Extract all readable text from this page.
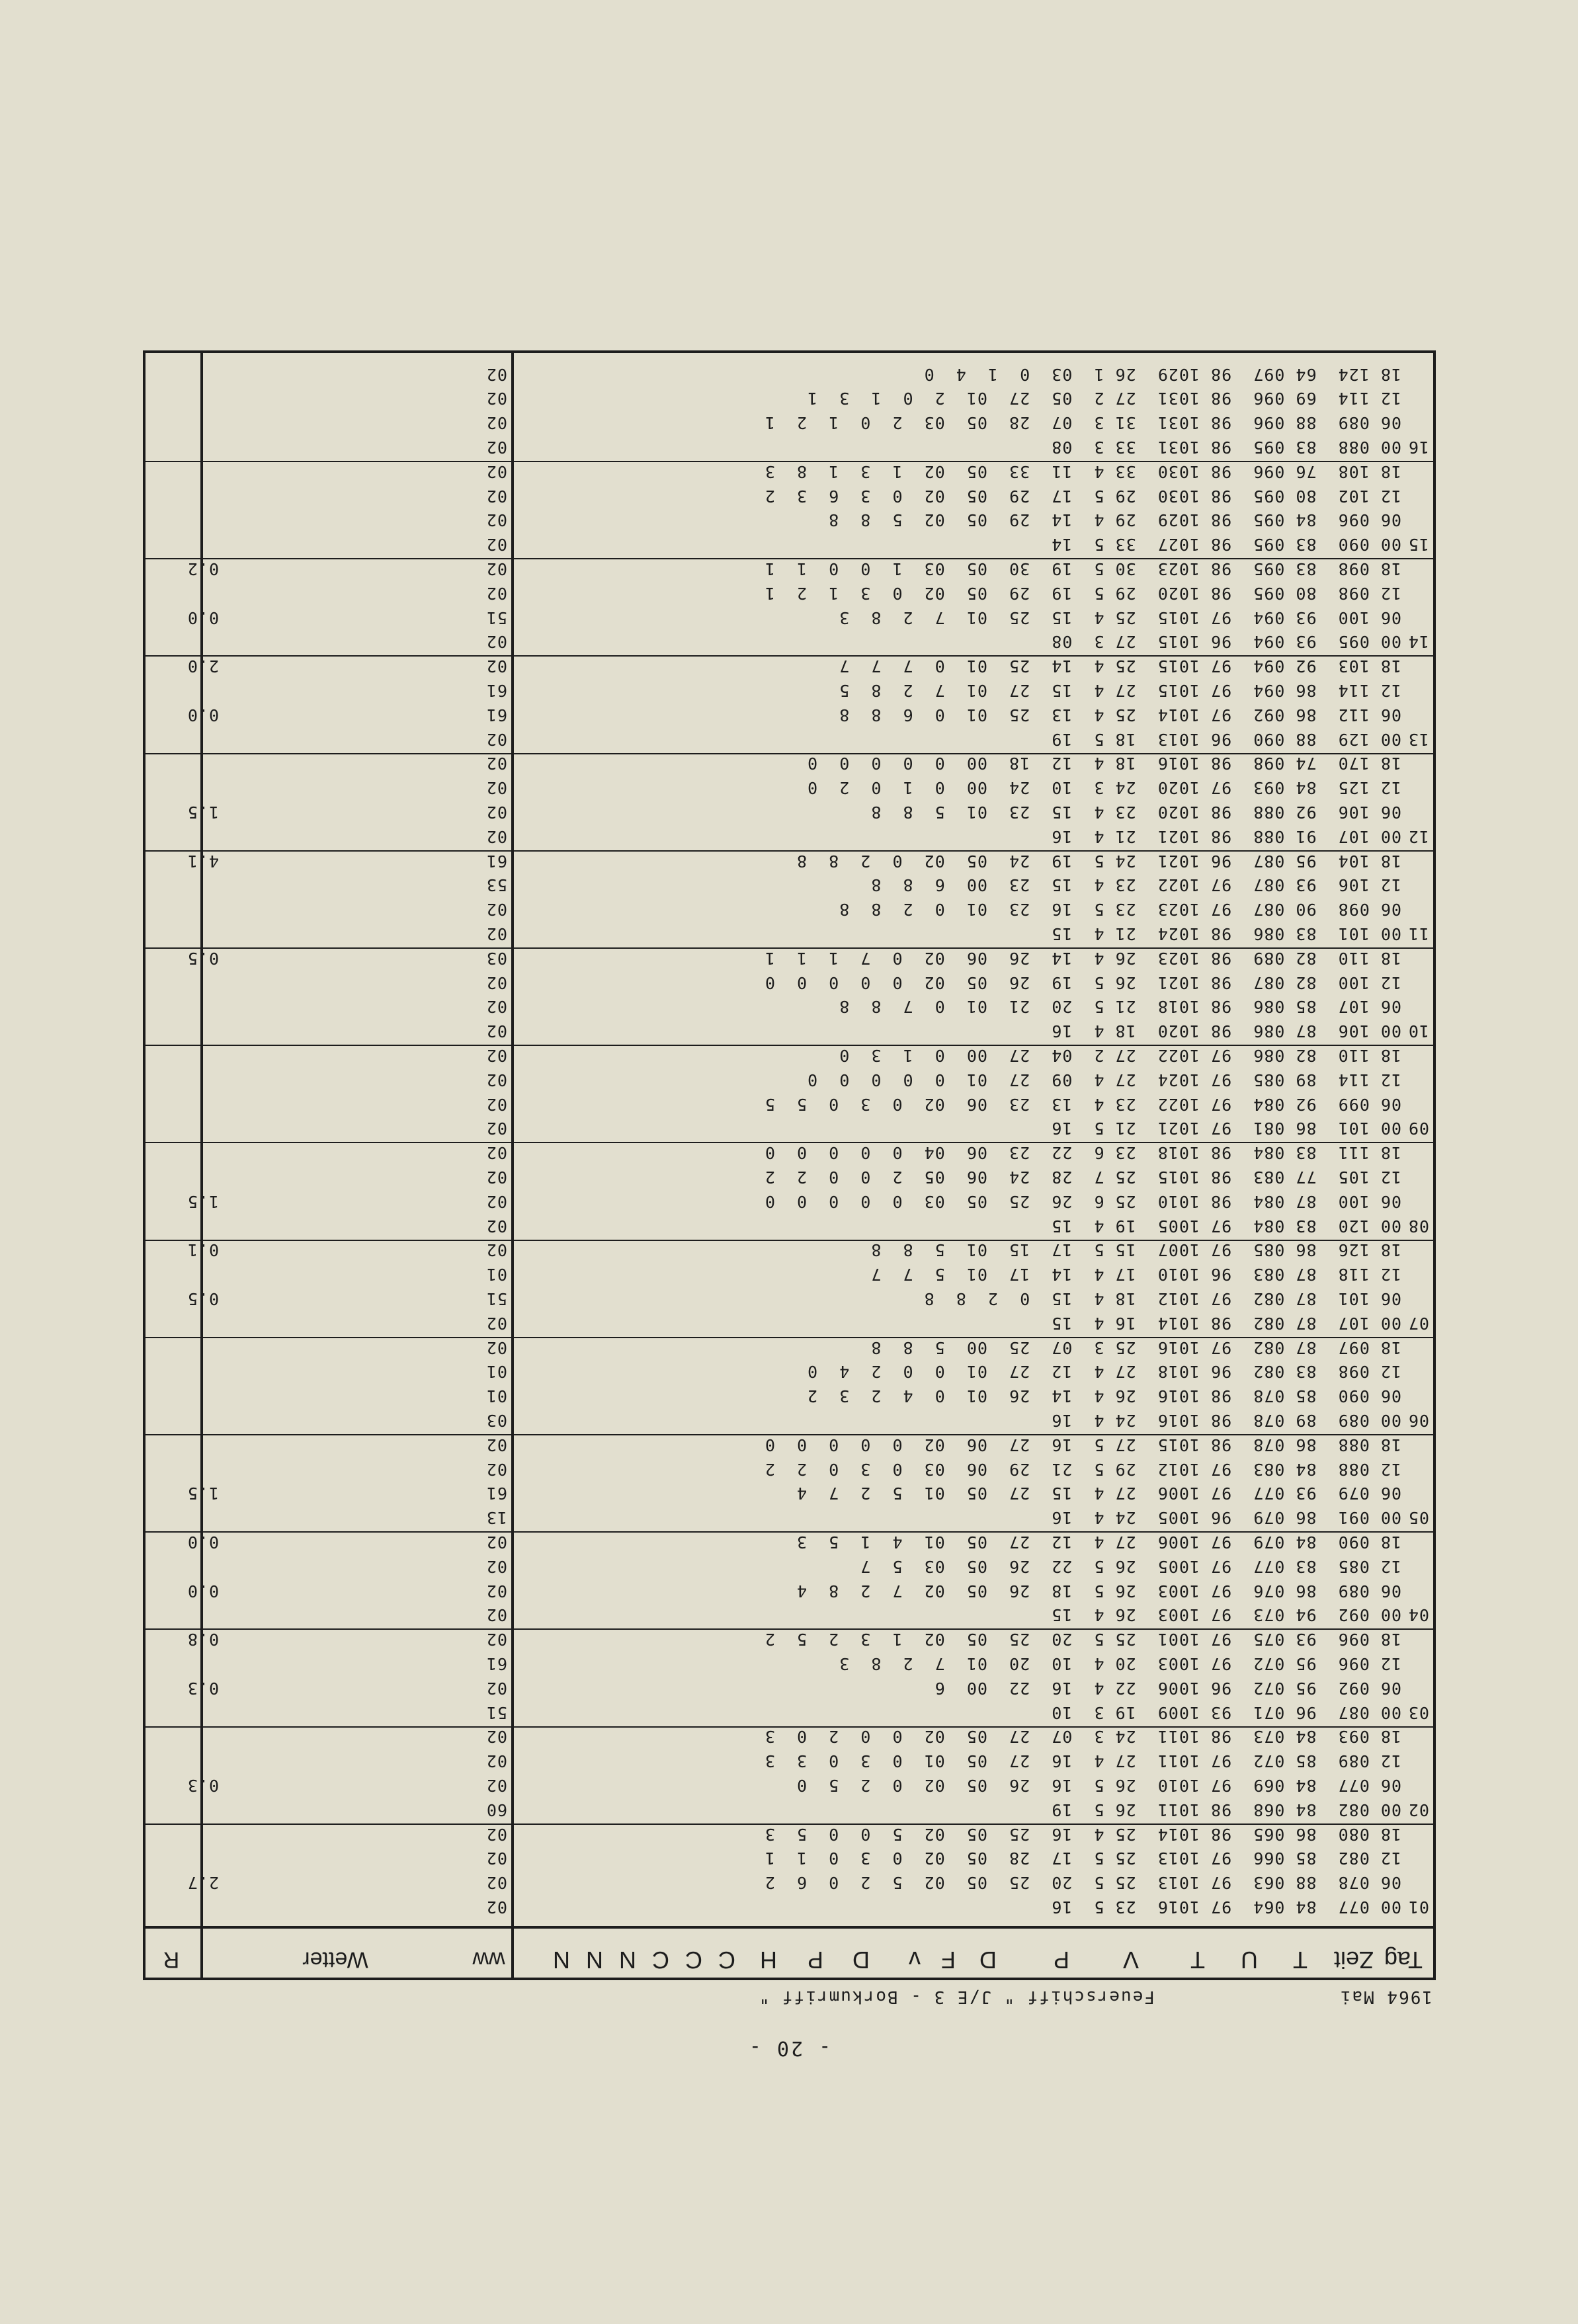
- 20 -
1964 Mai
Feuerschiff " J/E 3 - Borkumriff "
Tag
Zeit
T
U
T
V
P
D
F
v
D
P
H
C
C
C
N
N
N
ww
Wetter
R
01
00 077  84 064  97 1016  23 5  16
02
06 078  88 063  97 1013  25 5  20  25  05  02  5  2  0  6  2
02
2.7
12 082  85 066  97 1013  25 5  17  28  05  02  0  3  0  1  1
02
18 080  86 065  98 1014  25 4  16  25  05  02  5  0  0  5  3
02
02
00 082  84 068  98 1011  26 5  19
60
06 077  84 069  97 1010  26 5  16  26  05  02  0  2  5  0
02
0.3
12 089  85 072  97 1011  27 4  16  27  05  01  0  3  0  3  3
02
18 093  84 073  98 1011  24 3  07  27  05  02  0  0  2  0  3
02
03
00 087  96 071  93 1009  19 3  10
51
06 092  95 072  96 1006  22 4  16  22  00  6
02
0.3
12 096  95 072  97 1003  20 4  10  20  01  7  2  8  3
61
18 096  93 075  97 1001  25 5  20  25  05  02  1  3  2  5  2
02
0.8
04
00 092  94 073  97 1003  26 4  15
02
06 089  86 076  97 1003  26 5  18  26  05  02  7  2  8  4
02
0.0
12 085  83 077  97 1005  26 5  22  26  05  03  5  7
02
18 090  84 079  97 1006  27 4  12  27  05  01  4  1  5  3
02
0.0
05
00 091  86 079  96 1005  24 4  16
13
06 079  93 077  97 1006  27 4  15  27  05  01  5  2  7  4
61
1.5
12 088  84 083  97 1012  29 5  21  29  06  03  0  3  0  2  2
02
18 088  86 078  98 1015  27 5  16  27  06  02  0  0  0  0  0
02
06
00 089  89 078  98 1016  24 4  16
03
06 090  85 078  98 1016  26 4  14  26  01  0  4  2  3  2
01
12 098  83 082  96 1018  27 4  12  27  01  0  0  2  4  0
01
18 097  87 082  97 1016  25 3  07  25  00  5  8  8
02
07
00 107  87 082  98 1014  16 4  15
02
06 101  87 082  97 1012  18 4  15  0  2  8  8
51
0.5
12 118  87 083  96 1010  17 4  14  17  01  5  7  7
01
18 126  86 085  97 1007  15 5  17  15  01  5  8  8
02
0.1
08
00 120  83 084  97 1005  19 4  15
02
06 100  87 084  98 1010  25 6  26  25  05  03  0  0  0  0  0
02
1.5
12 105  77 083  98 1015  25 7  28  24  06  05  2  0  0  2  2
02
18 111  83 084  98 1018  23 6  22  23  06  04  0  0  0  0  0
02
09
00 101  86 081  97 1021  21 5  16
02
06 099  92 084  97 1022  23 4  13  23  06  02  0  3  0  5  5
02
12 114  89 085  97 1024  27 4  09  27  01  0  0  0  0  0
02
18 110  82 086  97 1022  27 2  04  27  00  0  1  3  0
02
10
00 106  87 086  98 1020  18 4  16
02
06 107  85 086  98 1018  21 5  20  21  01  0  7  8  8
02
12 100  82 087  98 1021  26 5  19  26  05  02  0  0  0  0  0
02
18 110  82 089  98 1023  26 4  14  26  06  02  0  7  1  1  1
03
0.5
11
00 101  83 086  98 1024  21 4  15
02
06 098  90 087  97 1023  23 5  16  23  01  0  2  8  8
02
12 106  93 087  97 1022  23 4  15  23  00  6  8  8
53
18 104  95 087  96 1021  24 5  19  24  05  02  0  2  8  8
61
4.1
12
00 107  91 088  98 1021  21 4  16
02
06 106  92 088  98 1020  23 4  15  23  01  5  8  8
02
1.5
12 125  84 093  97 1020  24 3  10  24  00  0  1  0  2  0
02
18 170  74 098  98 1016  18 4  12  18  00  0  0  0  0  0
02
13
00 129  88 090  96 1013  18 5  19
02
06 112  86 092  97 1014  25 4  13  25  01  0  6  8  8
61
0.0
12 114  86 094  97 1015  27 4  15  27  01  7  2  8  5
61
18 103  92 094  97 1015  25 4  14  25  01  0  7  7  7
02
2.0
14
00 095  93 094  96 1015  27 3  08
02
06 100  93 094  97 1015  25 4  15  25  01  7  2  8  3
51
0.0
12 098  80 095  98 1020  29 5  19  29  05  02  0  3  1  2  1
02
18 098  83 095  98 1023  30 5  19  30  05  03  1  0  0  1  1
02
0.2
15
00 090  83 095  98 1027  33 5  14
02
06 096  84 095  98 1029  29 4  14  29  05  02  5  8  8
02
12 102  80 095  98 1030  29 5  17  29  05  02  0  3  6  3  2
02
18 108  76 096  98 1030  33 4  11  33  05  02  1  3  1  8  3
02
16
00 088  83 095  98 1031  33 3  08
02
06 089  88 096  98 1031  31 3  07  28  05  03  2  0  1  2  1
02
12 114  69 096  98 1031  27 2  05  27  01  2  0  1  3  1
02
18 124  64 097  98 1029  26 1  03  0  1  4  0
02
